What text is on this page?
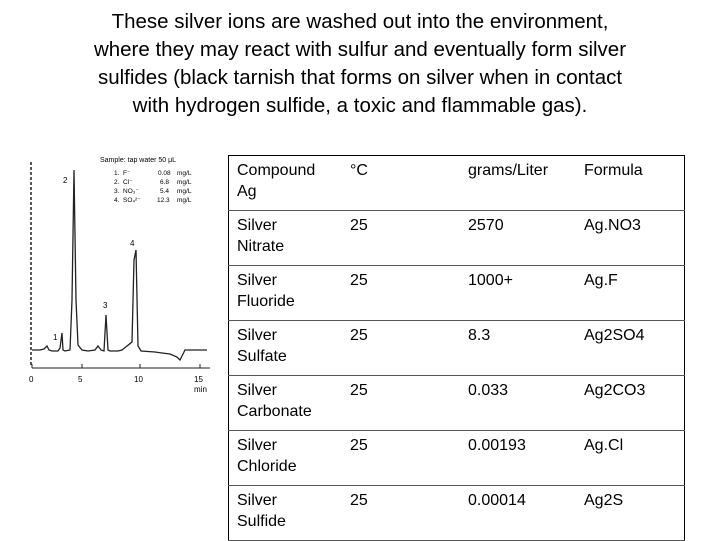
These silver ions are washed out into the environment,
where they may react with sulfur and eventually form silver
sulfides (black tarnish that forms on silver when in contact
with hydrogen sulfide, a toxic and flammable gas).
0	5	10	15
min
1
2
3
4
Sample: tap water 50 μL
1. F⁻	0.08 mg/L
2. Cl⁻	6.8 mg/L
3. NO₃⁻	5.4 mg/L
4. SO₄²⁻	12.3 mg/L
Compound
Ag	°C	grams/Liter	Formula

Silver
Nitrate	25	2570	Ag.NO3

Silver
Fluoride	25	1000+	Ag.F

Silver
Sulfate	25	8.3	Ag2SO4

Silver
Carbonate	25	0.033	Ag2CO3

Silver
Chloride	25	0.00193	Ag.Cl

Silver
Sulfide	25	0.00014	Ag2S
